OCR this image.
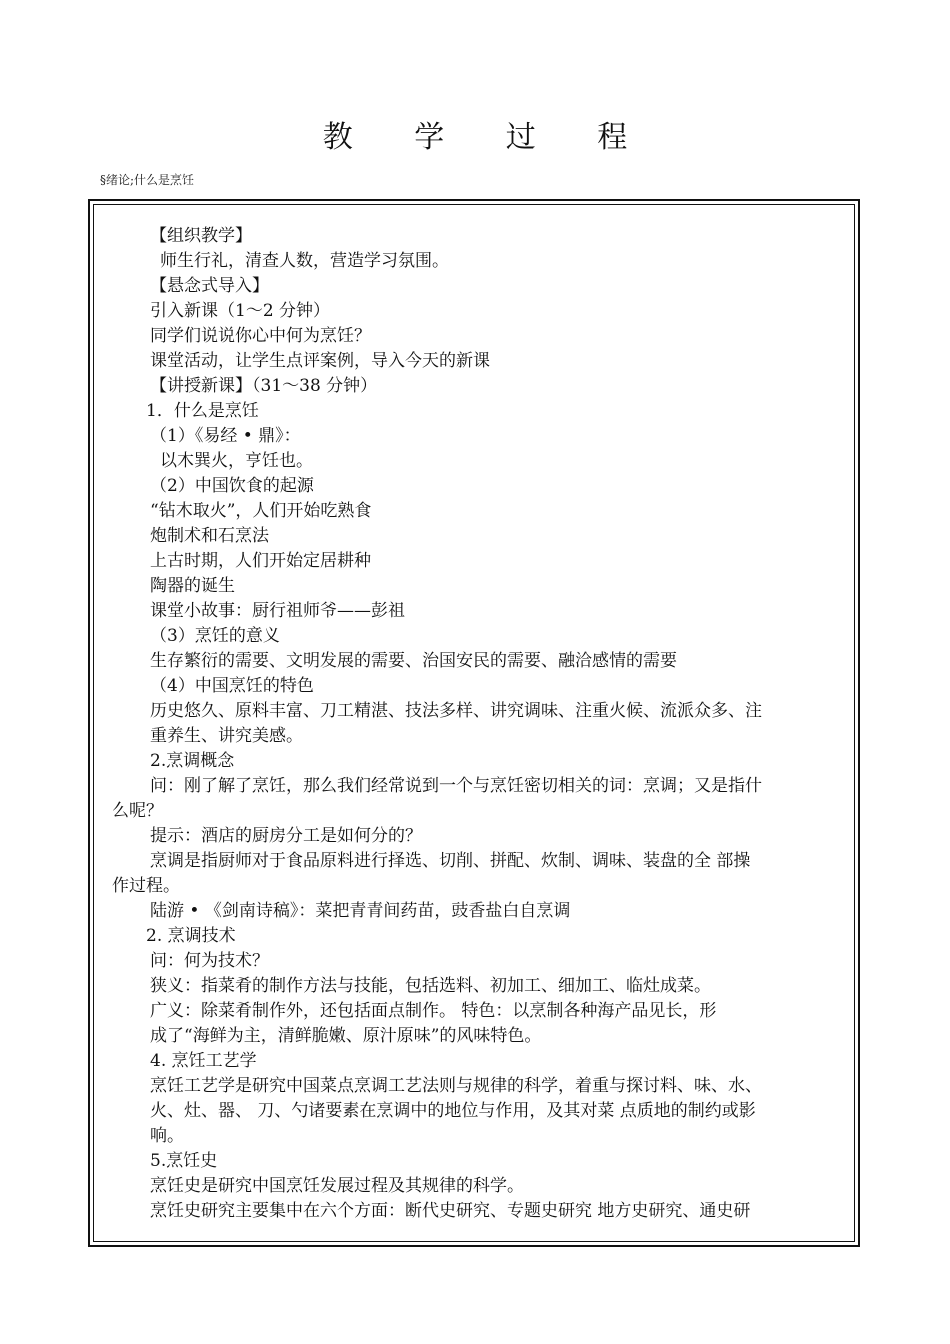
教 学 过 程
§绪论;什么是烹饪
【组织教学】
师生行礼，清查人数，营造学习氛围。
【悬念式导入】
引入新课（1～2 分钟）
同学们说说你心中何为烹饪？
课堂活动，让学生点评案例，导入今天的新课
【讲授新课】（31～38 分钟）
1．什么是烹饪
（1）《易经 • 鼎》：
以木巽火，亨饪也。
（2）中国饮食的起源
“钻木取火”，人们开始吃熟食
炮制术和石烹法
上古时期，人们开始定居耕种
陶器的诞生
课堂小故事：厨行祖师爷——彭祖
（3）烹饪的意义
生存繁衍的需要、文明发展的需要、治国安民的需要、融洽感情的需要
（4）中国烹饪的特色
历史悠久、原料丰富、刀工精湛、技法多样、讲究调味、注重火候、流派众多、注
重养生、讲究美感。
2.烹调概念
问：刚了解了烹饪，那么我们经常说到一个与烹饪密切相关的词：烹调；又是指什
么呢？
提示：酒店的厨房分工是如何分的？
烹调是指厨师对于食品原料进行择选、切削、拼配、炊制、调味、装盘的全 部操
作过程。
陆游 • 《剑南诗稿》：菜把青青间药苗，豉香盐白自烹调
2. 烹调技术
问：何为技术？
狭义：指菜肴的制作方法与技能，包括选料、初加工、细加工、临灶成菜。
广义：除菜肴制作外，还包括面点制作。 特色：以烹制各种海产品见长，形
成了“海鲜为主，清鲜脆嫩、原汁原味”的风味特色。
4. 烹饪工艺学
烹饪工艺学是研究中国菜点烹调工艺法则与规律的科学，着重与探讨料、味、水、
火、灶、器、 刀、勺诸要素在烹调中的地位与作用，及其对菜 点质地的制约或影
响。
5.烹饪史
烹饪史是研究中国烹饪发展过程及其规律的科学。
烹饪史研究主要集中在六个方面：断代史研究、专题史研究 地方史研究、通史研
